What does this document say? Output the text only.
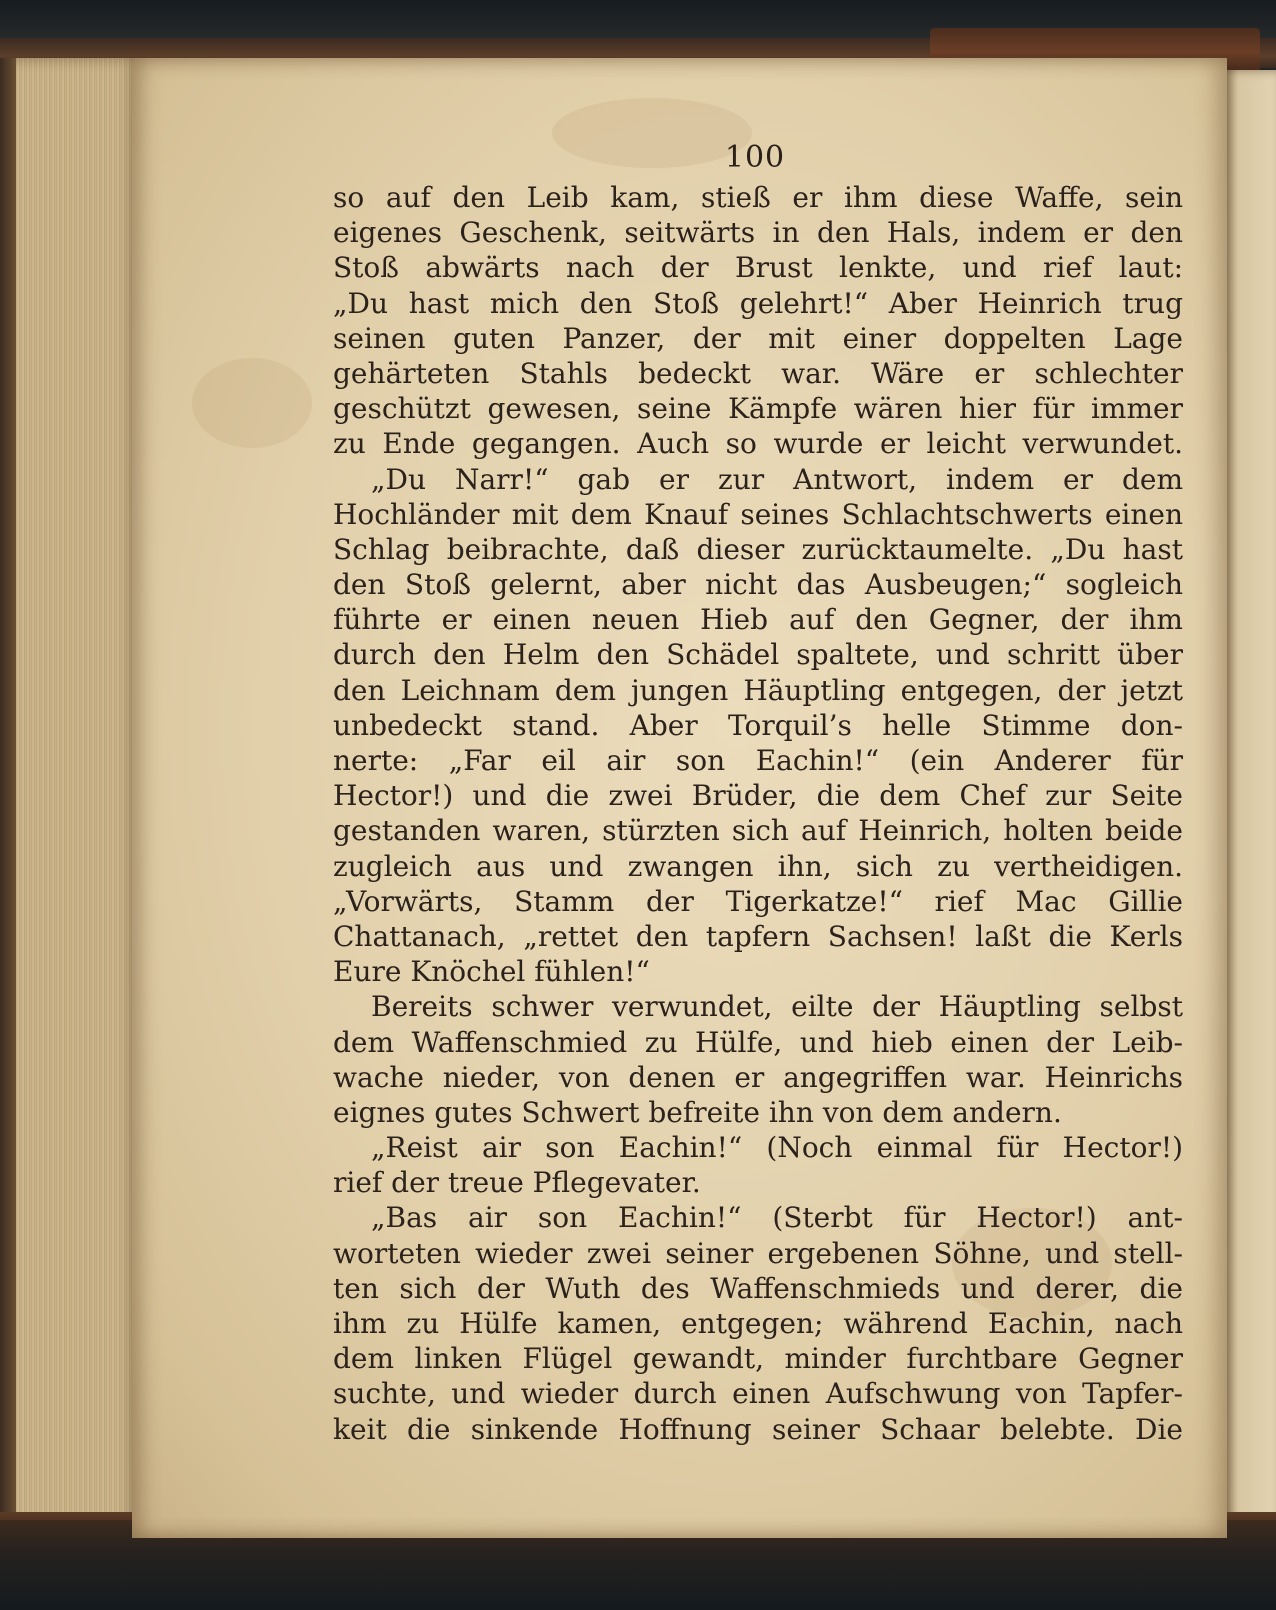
100
so auf den Leib kam, stieß er ihm diese Waffe, sein
eigenes Geschenk, seitwärts in den Hals, indem er den
Stoß abwärts nach der Brust lenkte, und rief laut:
„Du hast mich den Stoß gelehrt!“ Aber Heinrich trug
seinen guten Panzer, der mit einer doppelten Lage
gehärteten Stahls bedeckt war. Wäre er schlechter
geschützt gewesen, seine Kämpfe wären hier für immer
zu Ende gegangen. Auch so wurde er leicht verwundet.
„Du Narr!“ gab er zur Antwort, indem er dem
Hochländer mit dem Knauf seines Schlachtschwerts einen
Schlag beibrachte, daß dieser zurücktaumelte. „Du hast
den Stoß gelernt, aber nicht das Ausbeugen;“ sogleich
führte er einen neuen Hieb auf den Gegner, der ihm
durch den Helm den Schädel spaltete, und schritt über
den Leichnam dem jungen Häuptling entgegen, der jetzt
unbedeckt stand. Aber Torquil’s helle Stimme don-
nerte: „Far eil air son Eachin!“ (ein Anderer für
Hector!) und die zwei Brüder, die dem Chef zur Seite
gestanden waren, stürzten sich auf Heinrich, holten beide
zugleich aus und zwangen ihn, sich zu vertheidigen.
„Vorwärts, Stamm der Tigerkatze!“ rief Mac Gillie
Chattanach, „rettet den tapfern Sachsen! laßt die Kerls
Eure Knöchel fühlen!“
Bereits schwer verwundet, eilte der Häuptling selbst
dem Waffenschmied zu Hülfe, und hieb einen der Leib-
wache nieder, von denen er angegriffen war. Heinrichs
eignes gutes Schwert befreite ihn von dem andern.
„Reist air son Eachin!“ (Noch einmal für Hector!)
rief der treue Pflegevater.
„Bas air son Eachin!“ (Sterbt für Hector!) ant-
worteten wieder zwei seiner ergebenen Söhne, und stell-
ten sich der Wuth des Waffenschmieds und derer, die
ihm zu Hülfe kamen, entgegen; während Eachin, nach
dem linken Flügel gewandt, minder furchtbare Gegner
suchte, und wieder durch einen Aufschwung von Tapfer-
keit die sinkende Hoffnung seiner Schaar belebte. Die
